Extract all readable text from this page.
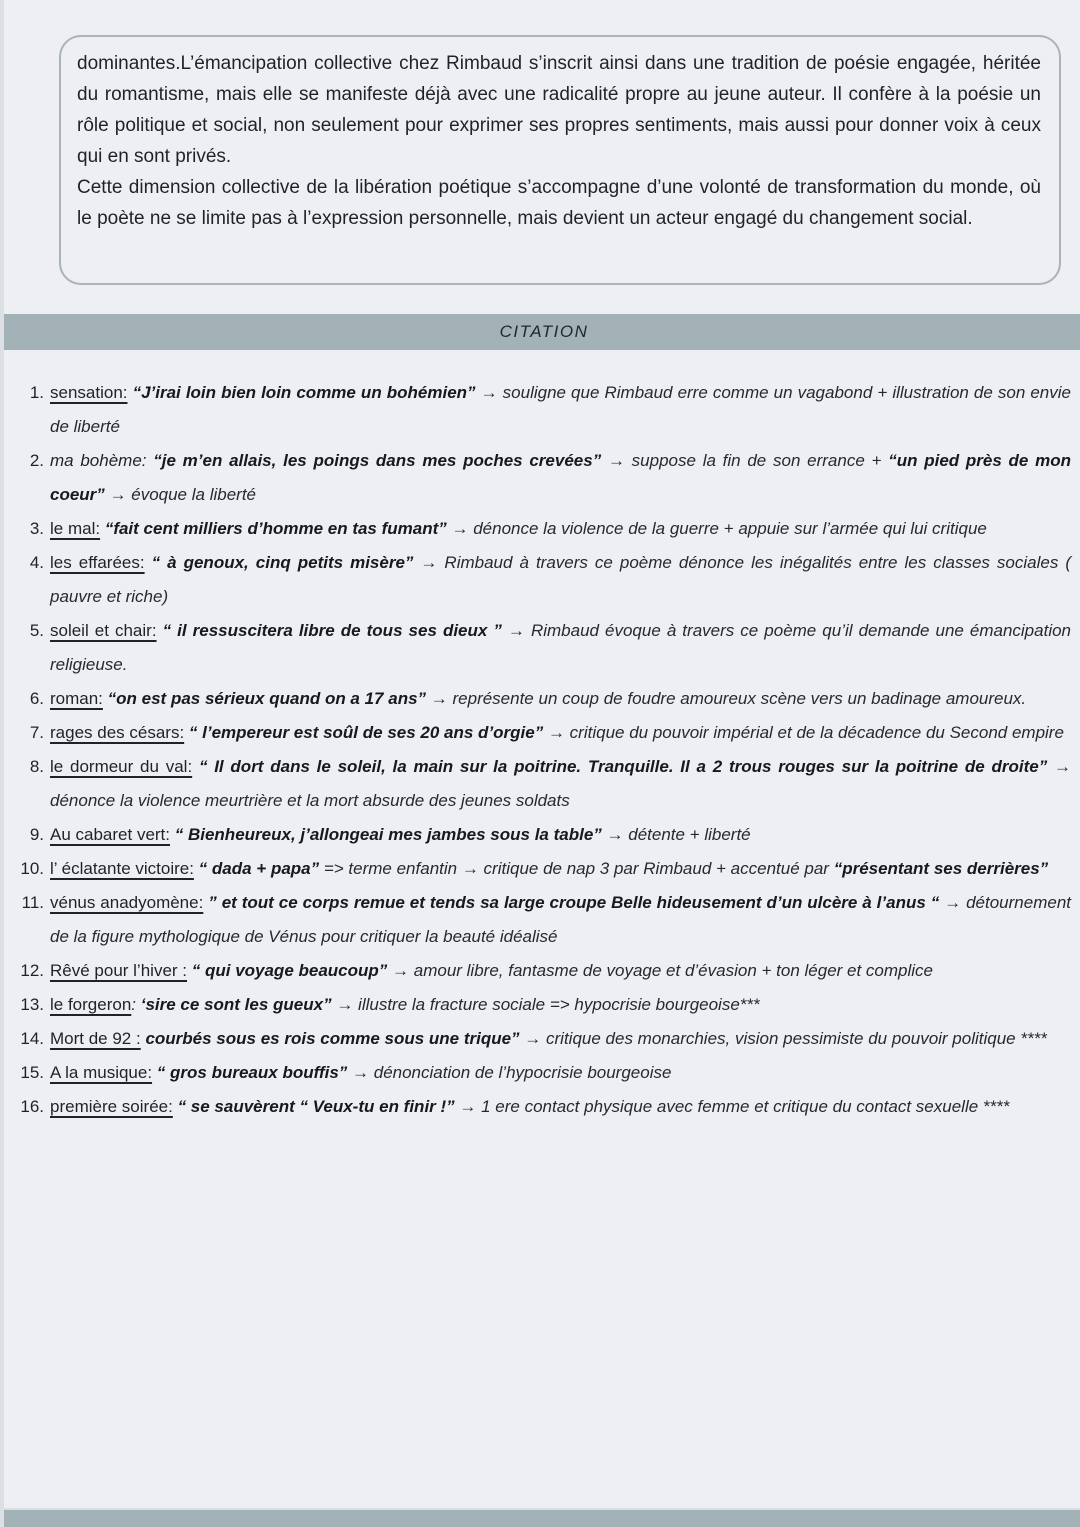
dominantes.L’émancipation collective chez Rimbaud s’inscrit ainsi dans une tradition de poésie engagée, héritée du romantisme, mais elle se manifeste déjà avec une radicalité propre au jeune auteur. Il confère à la poésie un rôle politique et social, non seulement pour exprimer ses propres sentiments, mais aussi pour donner voix à ceux qui en sont privés.

Cette dimension collective de la libération poétique s’accompagne d’une volonté de transformation du monde, où le poète ne se limite pas à l’expression personnelle, mais devient un acteur engagé du changement social.

CITATION
1. sensation: “J’irai loin bien loin comme un bohémien” → souligne que Rimbaud erre comme un vagabond + illustration de son envie de liberté
2. ma bohème: “je m’en allais, les poings dans mes poches crevées” → suppose la fin de son errance + “un pied près de mon coeur” → évoque la liberté
3. le mal: “fait cent milliers d’homme en tas fumant” → dénonce la violence de la guerre + appuie sur l’armée qui lui critique
4. les effarées: “ à genoux, cinq petits misère” → Rimbaud à travers ce poème dénonce les inégalités entre les classes sociales ( pauvre et riche)
5. soleil et chair: “ il ressuscitera libre de tous ses dieux ” → Rimbaud évoque à travers ce poème qu’il demande une émancipation religieuse.
6. roman: “on est pas sérieux quand on a 17 ans” → représente un coup de foudre amoureux scène vers un badinage amoureux.
7. rages des césars: “ l’empereur est soûl de ses 20 ans d’orgie” → critique du pouvoir impérial et de la décadence du Second empire
8. le dormeur du val: “ Il dort dans le soleil, la main sur la poitrine. Tranquille. Il a 2 trous rouges sur la poitrine de droite” → dénonce la violence meurtrière et la mort absurde des jeunes soldats
9. Au cabaret vert: “ Bienheureux, j’allongeai mes jambes sous la table” → détente + liberté
10. l’ éclatante victoire: “ dada + papa” => terme enfantin → critique de nap 3 par Rimbaud + accentué par “présentant ses derrières”
11. vénus anadyomène: ” et tout ce corps remue et tends sa large croupe Belle hideusement d’un ulcère à l’anus “ → détournement de la figure mythologique de Vénus pour critiquer la beauté idéalisé
12. Rêvé pour l’hiver : “ qui voyage beaucoup” → amour libre, fantasme de voyage et d’évasion + ton léger et complice
13. le forgeron: ‘sire ce sont les gueux” → illustre la fracture sociale => hypocrisie bourgeoise***
14. Mort de 92 : courbés sous es rois comme sous une trique” → critique des monarchies, vision pessimiste du pouvoir politique ****
15. A la musique: “ gros bureaux bouffis” → dénonciation de l’hypocrisie bourgeoise
16. première soirée: “ se sauvèrent “ Veux-tu en finir !” → 1 ere contact physique avec femme et critique du contact sexuelle ****
